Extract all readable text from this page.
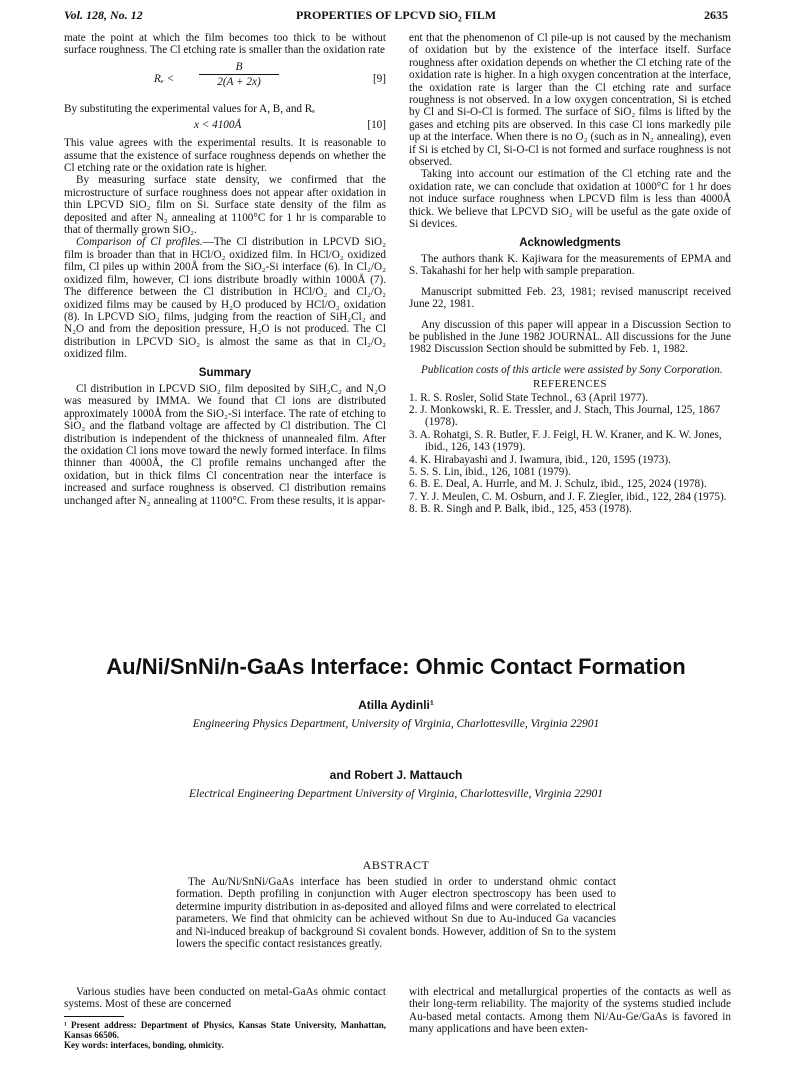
Vol. 128, No. 12	PROPERTIES OF LPCVD SiO₂ FILM	2635

mate the point at which the film becomes too thick to be without surface roughness. The Cl etching rate is smaller than the oxidation rate

$R_e < \frac{B}{2(A + 2x)}$	[9]

By substituting the experimental values for A, B, and Rₑ

x < 4100Å	[10]

This value agrees with the experimental results. It is reasonable to assume that the existence of surface roughness depends on whether the Cl etching rate or the oxidation rate is higher.

By measuring surface state density, we confirmed that the microstructure of surface roughness does not appear after oxidation in thin LPCVD SiO₂ film on Si. Surface state density of the film as deposited and after N₂ annealing at 1100°C for 1 hr is comparable to that of thermally grown SiO₂.

Comparison of Cl profiles.—The Cl distribution in LPCVD SiO₂ film is broader than that in HCl/O₂ oxidized film. In HCl/O₂ oxidized film, Cl piles up within 200Å from the SiO₂-Si interface (6). In Cl₂/O₂ oxidized film, however, Cl ions distribute broadly within 1000Å (7). The difference between the Cl distribution in HCl/O₂ and Cl₂/O₂ oxidized films may be caused by H₂O produced by HCl/O₂ oxidation (8). In LPCVD SiO₂ films, judging from the reaction of SiH₂Cl₂ and N₂O and from the deposition pressure, H₂O is not produced. The Cl distribution in LPCVD SiO₂ is almost the same as that in Cl₂/O₂ oxidized film.

Summary

Cl distribution in LPCVD SiO₂ film deposited by SiH₂C₂ and N₂O was measured by IMMA. We found that Cl ions are distributed approximately 1000Å from the SiO₂-Si interface. The rate of etching to SiO₂ and the flatband voltage are affected by Cl distribution. The Cl distribution is independent of the thickness of unannealed film. After the oxidation Cl ions move toward the newly formed interface. In films thinner than 4000Å, the Cl profile remains unchanged after the oxidation, but in thick films Cl concentration near the interface is increased and surface roughness is observed. Cl distribution remains unchanged after N₂ annealing at 1100°C. From these results, it is appar-

ent that the phenomenon of Cl pile-up is not caused by the mechanism of oxidation but by the existence of the interface itself. Surface roughness after oxidation depends on whether the Cl etching rate of the oxidation rate is higher. In a high oxygen concentration at the interface, the oxidation rate is larger than the Cl etching rate and surface roughness is not observed. In a low oxygen concentration, Si is etched by Cl and Si-O-Cl is formed. The surface of SiO₂ films is lifted by the gases and etching pits are observed. In this case Cl ions markedly pile up at the interface. When there is no O₂ (such as in N₂ annealing), even if Si is etched by Cl, Si-O-Cl is not formed and surface roughness is not observed.

Taking into account our estimation of the Cl etching rate and the oxidation rate, we can conclude that oxidation at 1000°C for 1 hr does not induce surface roughness when LPCVD film is less than 4000Å thick. We believe that LPCVD SiO₂ will be useful as the gate oxide of Si devices.

Acknowledgments

The authors thank K. Kajiwara for the measurements of EPMA and S. Takahashi for her help with sample preparation.

Manuscript submitted Feb. 23, 1981; revised manuscript received June 22, 1981.

Any discussion of this paper will appear in a Discussion Section to be published in the June 1982 JOURNAL. All discussions for the June 1982 Discussion Section should be submitted by Feb. 1, 1982.

Publication costs of this article were assisted by Sony Corporation.

REFERENCES
1. R. S. Rosler, Solid State Technol., 63 (April 1977).
2. J. Monkowski, R. E. Tressler, and J. Stach, This Journal, 125, 1867 (1978).
3. A. Rohatgi, S. R. Butler, F. J. Feigl, H. W. Kraner, and K. W. Jones, ibid., 126, 143 (1979).
4. K. Hirabayashi and J. Iwamura, ibid., 120, 1595 (1973).
5. S. S. Lin, ibid., 126, 1081 (1979).
6. B. E. Deal, A. Hurrle, and M. J. Schulz, ibid., 125, 2024 (1978).
7. Y. J. Meulen, C. M. Osburn, and J. F. Ziegler, ibid., 122, 284 (1975).
8. B. R. Singh and P. Balk, ibid., 125, 453 (1978).
Au/Ni/SnNi/n-GaAs Interface: Ohmic Contact Formation
Atilla Aydinli¹
Engineering Physics Department, University of Virginia, Charlottesville, Virginia 22901
and Robert J. Mattauch
Electrical Engineering Department University of Virginia, Charlottesville, Virginia 22901
ABSTRACT
The Au/Ni/SnNi/GaAs interface has been studied in order to understand ohmic contact formation. Depth profiling in conjunction with Auger electron spectroscopy has been used to determine impurity distribution in as-deposited and alloyed films and were correlated to electrical parameters. We find that ohmicity can be achieved without Sn due to Au-induced Ga vacancies and Ni-induced breakup of background Si covalent bonds. However, addition of Sn to the system lowers the specific contact resistances greatly.

Various studies have been conducted on metal-GaAs ohmic contact systems. Most of these are concerned

¹ Present address: Department of Physics, Kansas State University, Manhattan, Kansas 66506.
Key words: interfaces, bonding, ohmicity.

with electrical and metallurgical properties of the contacts as well as their long-term reliability. The majority of the systems studied include Au-based metal contacts. Among them Ni/Au-Ge/GaAs is favored in many applications and have been exten-
